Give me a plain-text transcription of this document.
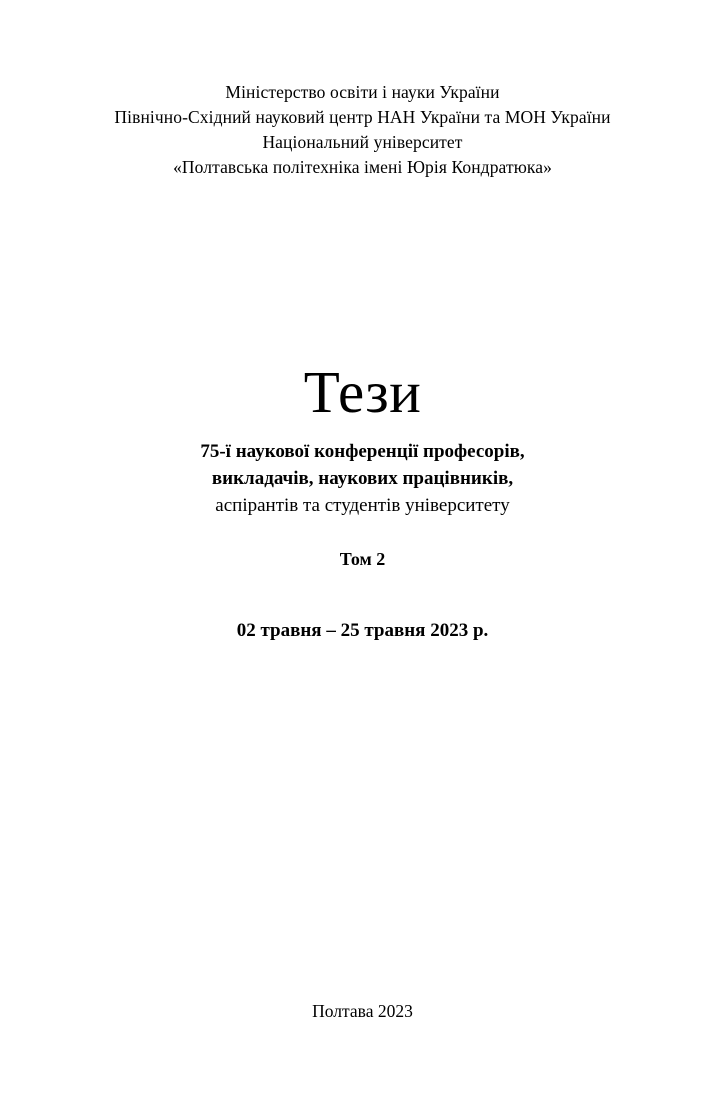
Міністерство освіти і науки України
Північно-Східний науковий центр НАН України та МОН України
Національний університет
«Полтавська політехніка імені Юрія Кондратюка»
Тези
75-ї наукової конференції професорів,
викладачів, наукових працівників,
аспірантів та студентів університету
Том 2
02 травня – 25 травня 2023 р.
Полтава 2023
